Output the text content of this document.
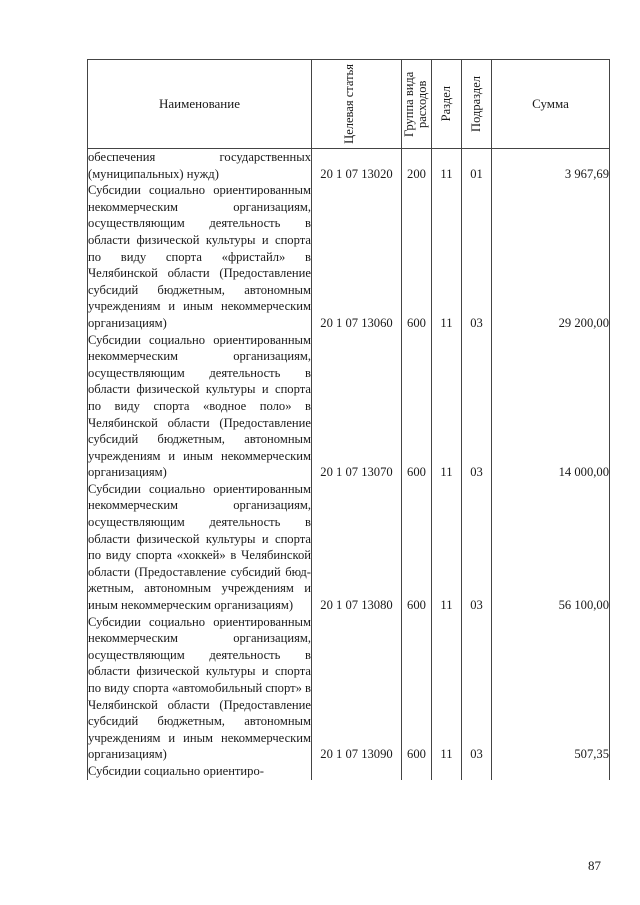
Наименование	Целевая статья	Группа вида расходов	Раздел	Подраздел	Сумма

обеспечения государственных (муниципальных) нужд)	20 1 07 13020	200	11	01	3 967,69

Субсидии социально ориентированным некоммерческим организациям, осуществляющим деятельность в области физической культуры и спорта по виду спорта «фристайл» в Челябинской области (Предоставление субсидий бюджетным, автономным учреждениям и иным некоммерческим организациям)	20 1 07 13060	600	11	03	29 200,00

Субсидии социально ориентированным некоммерческим организациям, осуществляющим деятельность в области физической культуры и спорта по виду спорта «водное поло» в Челябинской области (Предоставление субсидий бюджетным, автономным учреждениям и иным некоммерческим организациям)	20 1 07 13070	600	11	03	14 000,00

Субсидии социально ориентированным некоммерческим организациям, осуществляющим деятельность в области физической культуры и спорта по виду спорта «хоккей» в Челябинской области (Предоставление субсидий бюджетным, автономным учреждениям и иным некоммерческим организациям)	20 1 07 13080	600	11	03	56 100,00

Субсидии социально ориентированным некоммерческим организациям, осуществляющим деятельность в области физической культуры и спорта по виду спорта «автомобильный спорт» в Челябинской области (Предоставление субсидий бюджетным, автономным учреждениям и иным некоммерческим организациям)	20 1 07 13090	600	11	03	507,35

Субсидии социально ориентиро-					

87
